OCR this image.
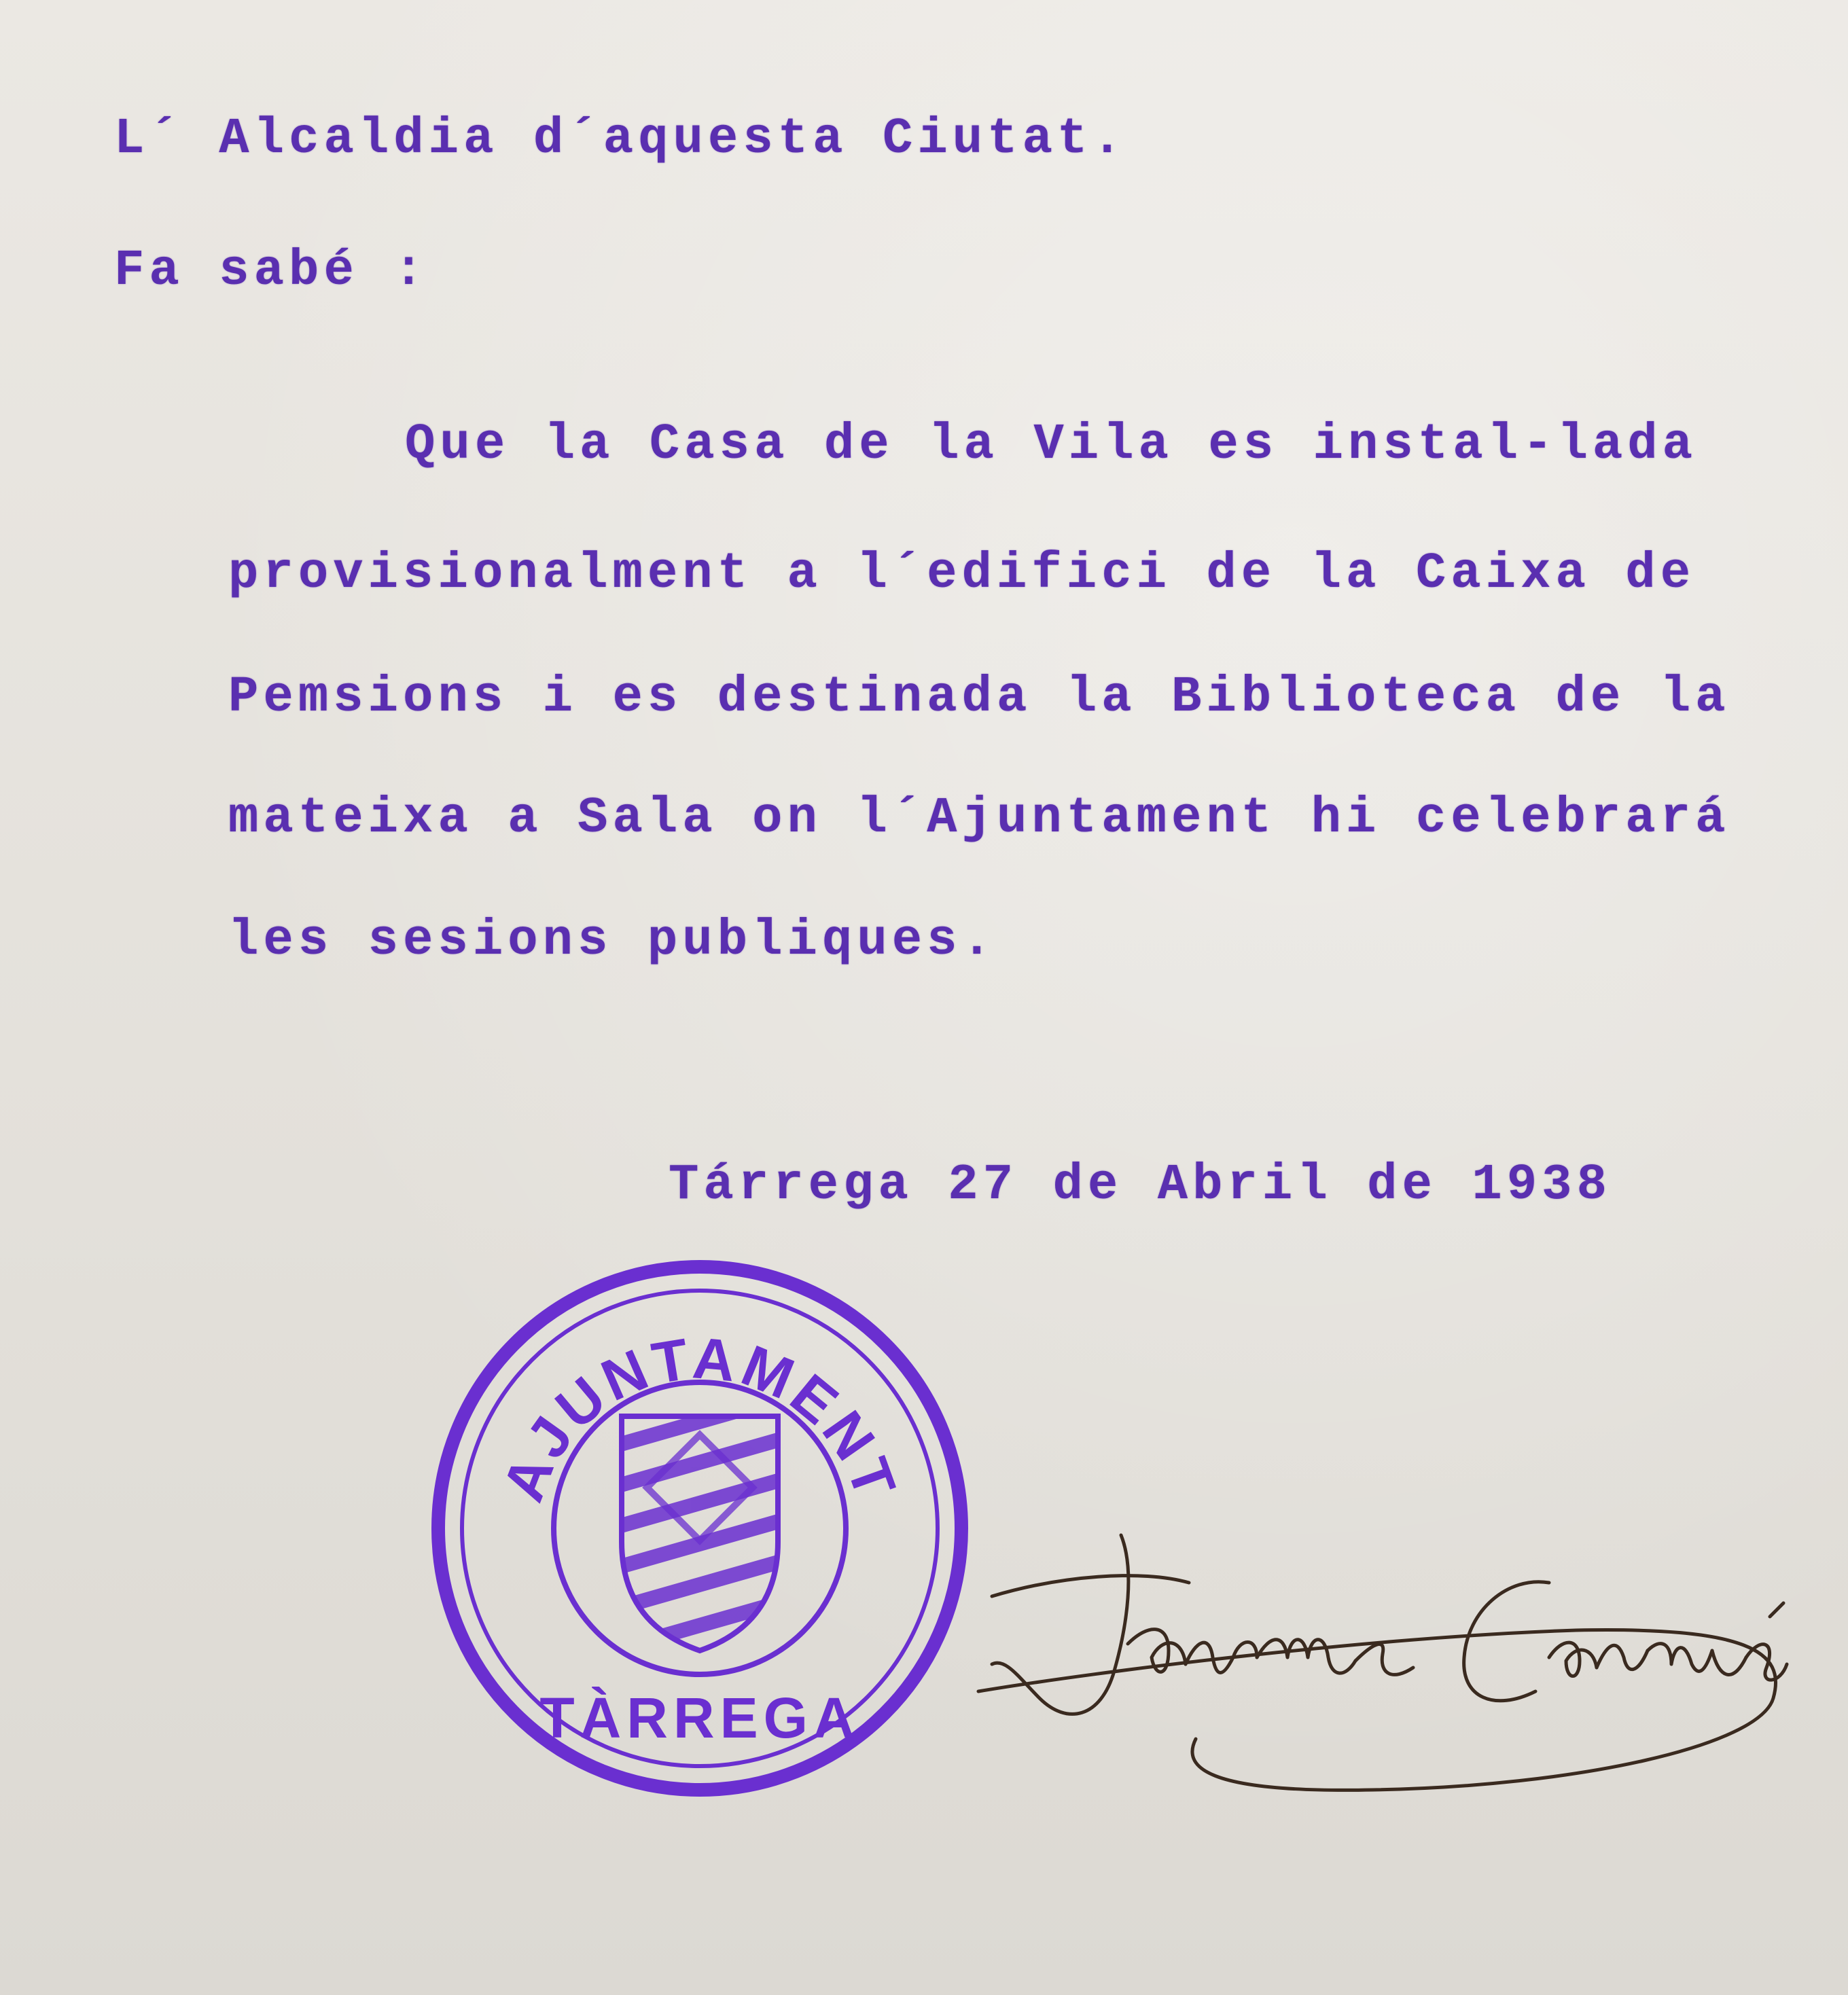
L´ Alcaldia d´aquesta Ciutat.

Fa sabé :

Que la Casa de la Vila es instal-lada

provisionalment a l´edifici de la Caixa de

Pemsions i es destinada la Biblioteca de la

mateixa a Sala on l´Ajuntament hi celebrará

les sesions publiques.

Tárrega 27 de Abril de 1938

AJUNTAMENT
TÀRREGA
